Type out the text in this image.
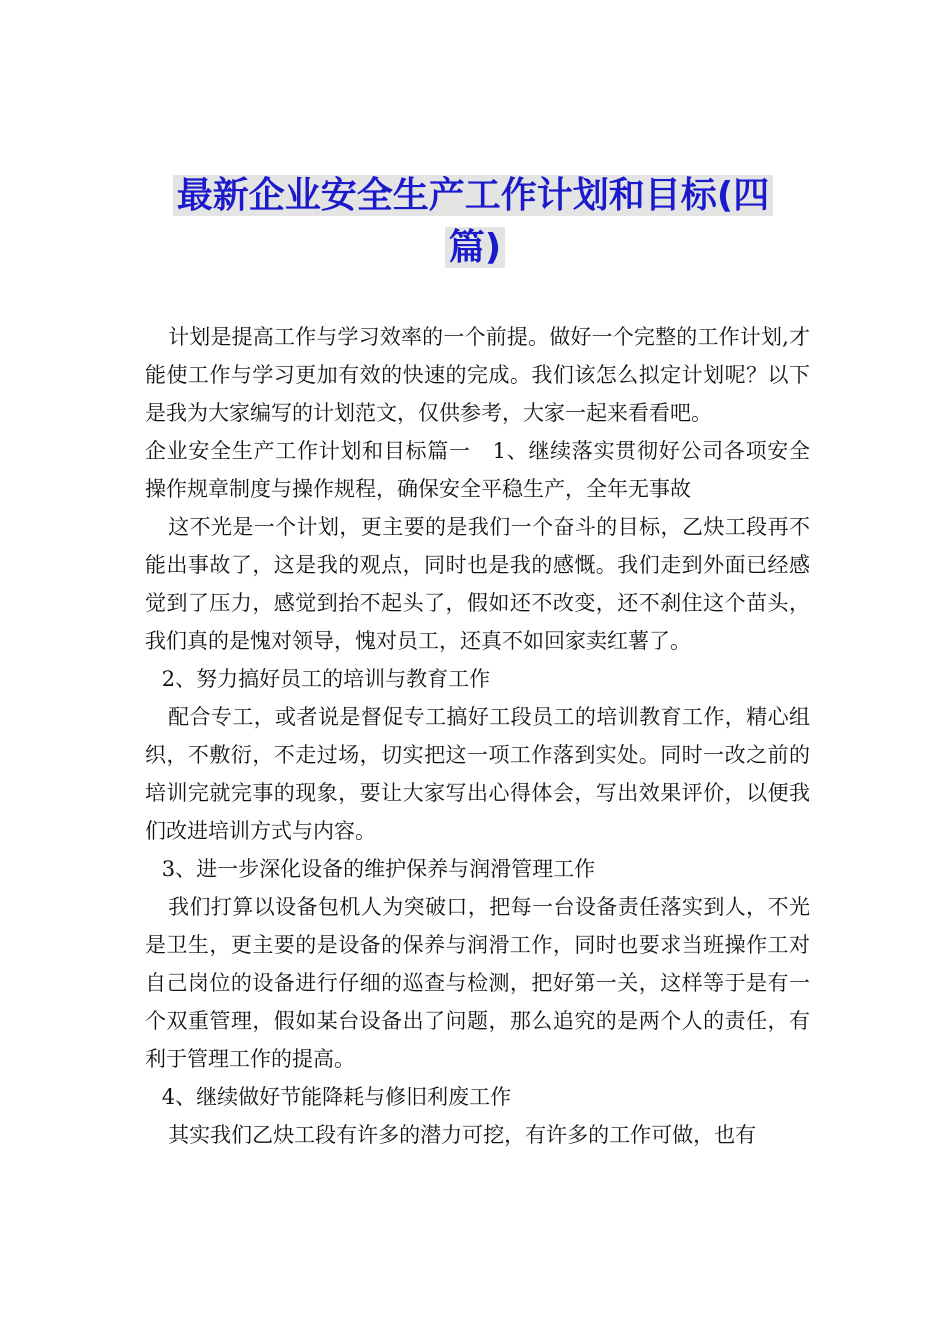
最新企业安全生产工作计划和目标(四篇)

计划是提高工作与学习效率的一个前提。做好一个完整的工作计划,才能使工作与学习更加有效的快速的完成。我们该怎么拟定计划呢？以下是我为大家编写的计划范文，仅供参考，大家一起来看看吧。

企业安全生产工作计划和目标篇一 1、继续落实贯彻好公司各项安全操作规章制度与操作规程，确保安全平稳生产，全年无事故

这不光是一个计划，更主要的是我们一个奋斗的目标，乙炔工段再不能出事故了，这是我的观点，同时也是我的感慨。我们走到外面已经感觉到了压力，感觉到抬不起头了，假如还不改变，还不刹住这个苗头，我们真的是愧对领导，愧对员工，还真不如回家卖红薯了。

2、努力搞好员工的培训与教育工作

配合专工，或者说是督促专工搞好工段员工的培训教育工作，精心组织，不敷衍，不走过场，切实把这一项工作落到实处。同时一改之前的培训完就完事的现象，要让大家写出心得体会，写出效果评价，以便我们改进培训方式与内容。

3、进一步深化设备的维护保养与润滑管理工作

我们打算以设备包机人为突破口，把每一台设备责任落实到人，不光是卫生，更主要的是设备的保养与润滑工作，同时也要求当班操作工对自己岗位的设备进行仔细的巡查与检测，把好第一关，这样等于是有一个双重管理，假如某台设备出了问题，那么追究的是两个人的责任，有利于管理工作的提高。

4、继续做好节能降耗与修旧利废工作

其实我们乙炔工段有许多的潜力可挖，有许多的工作可做，也有
